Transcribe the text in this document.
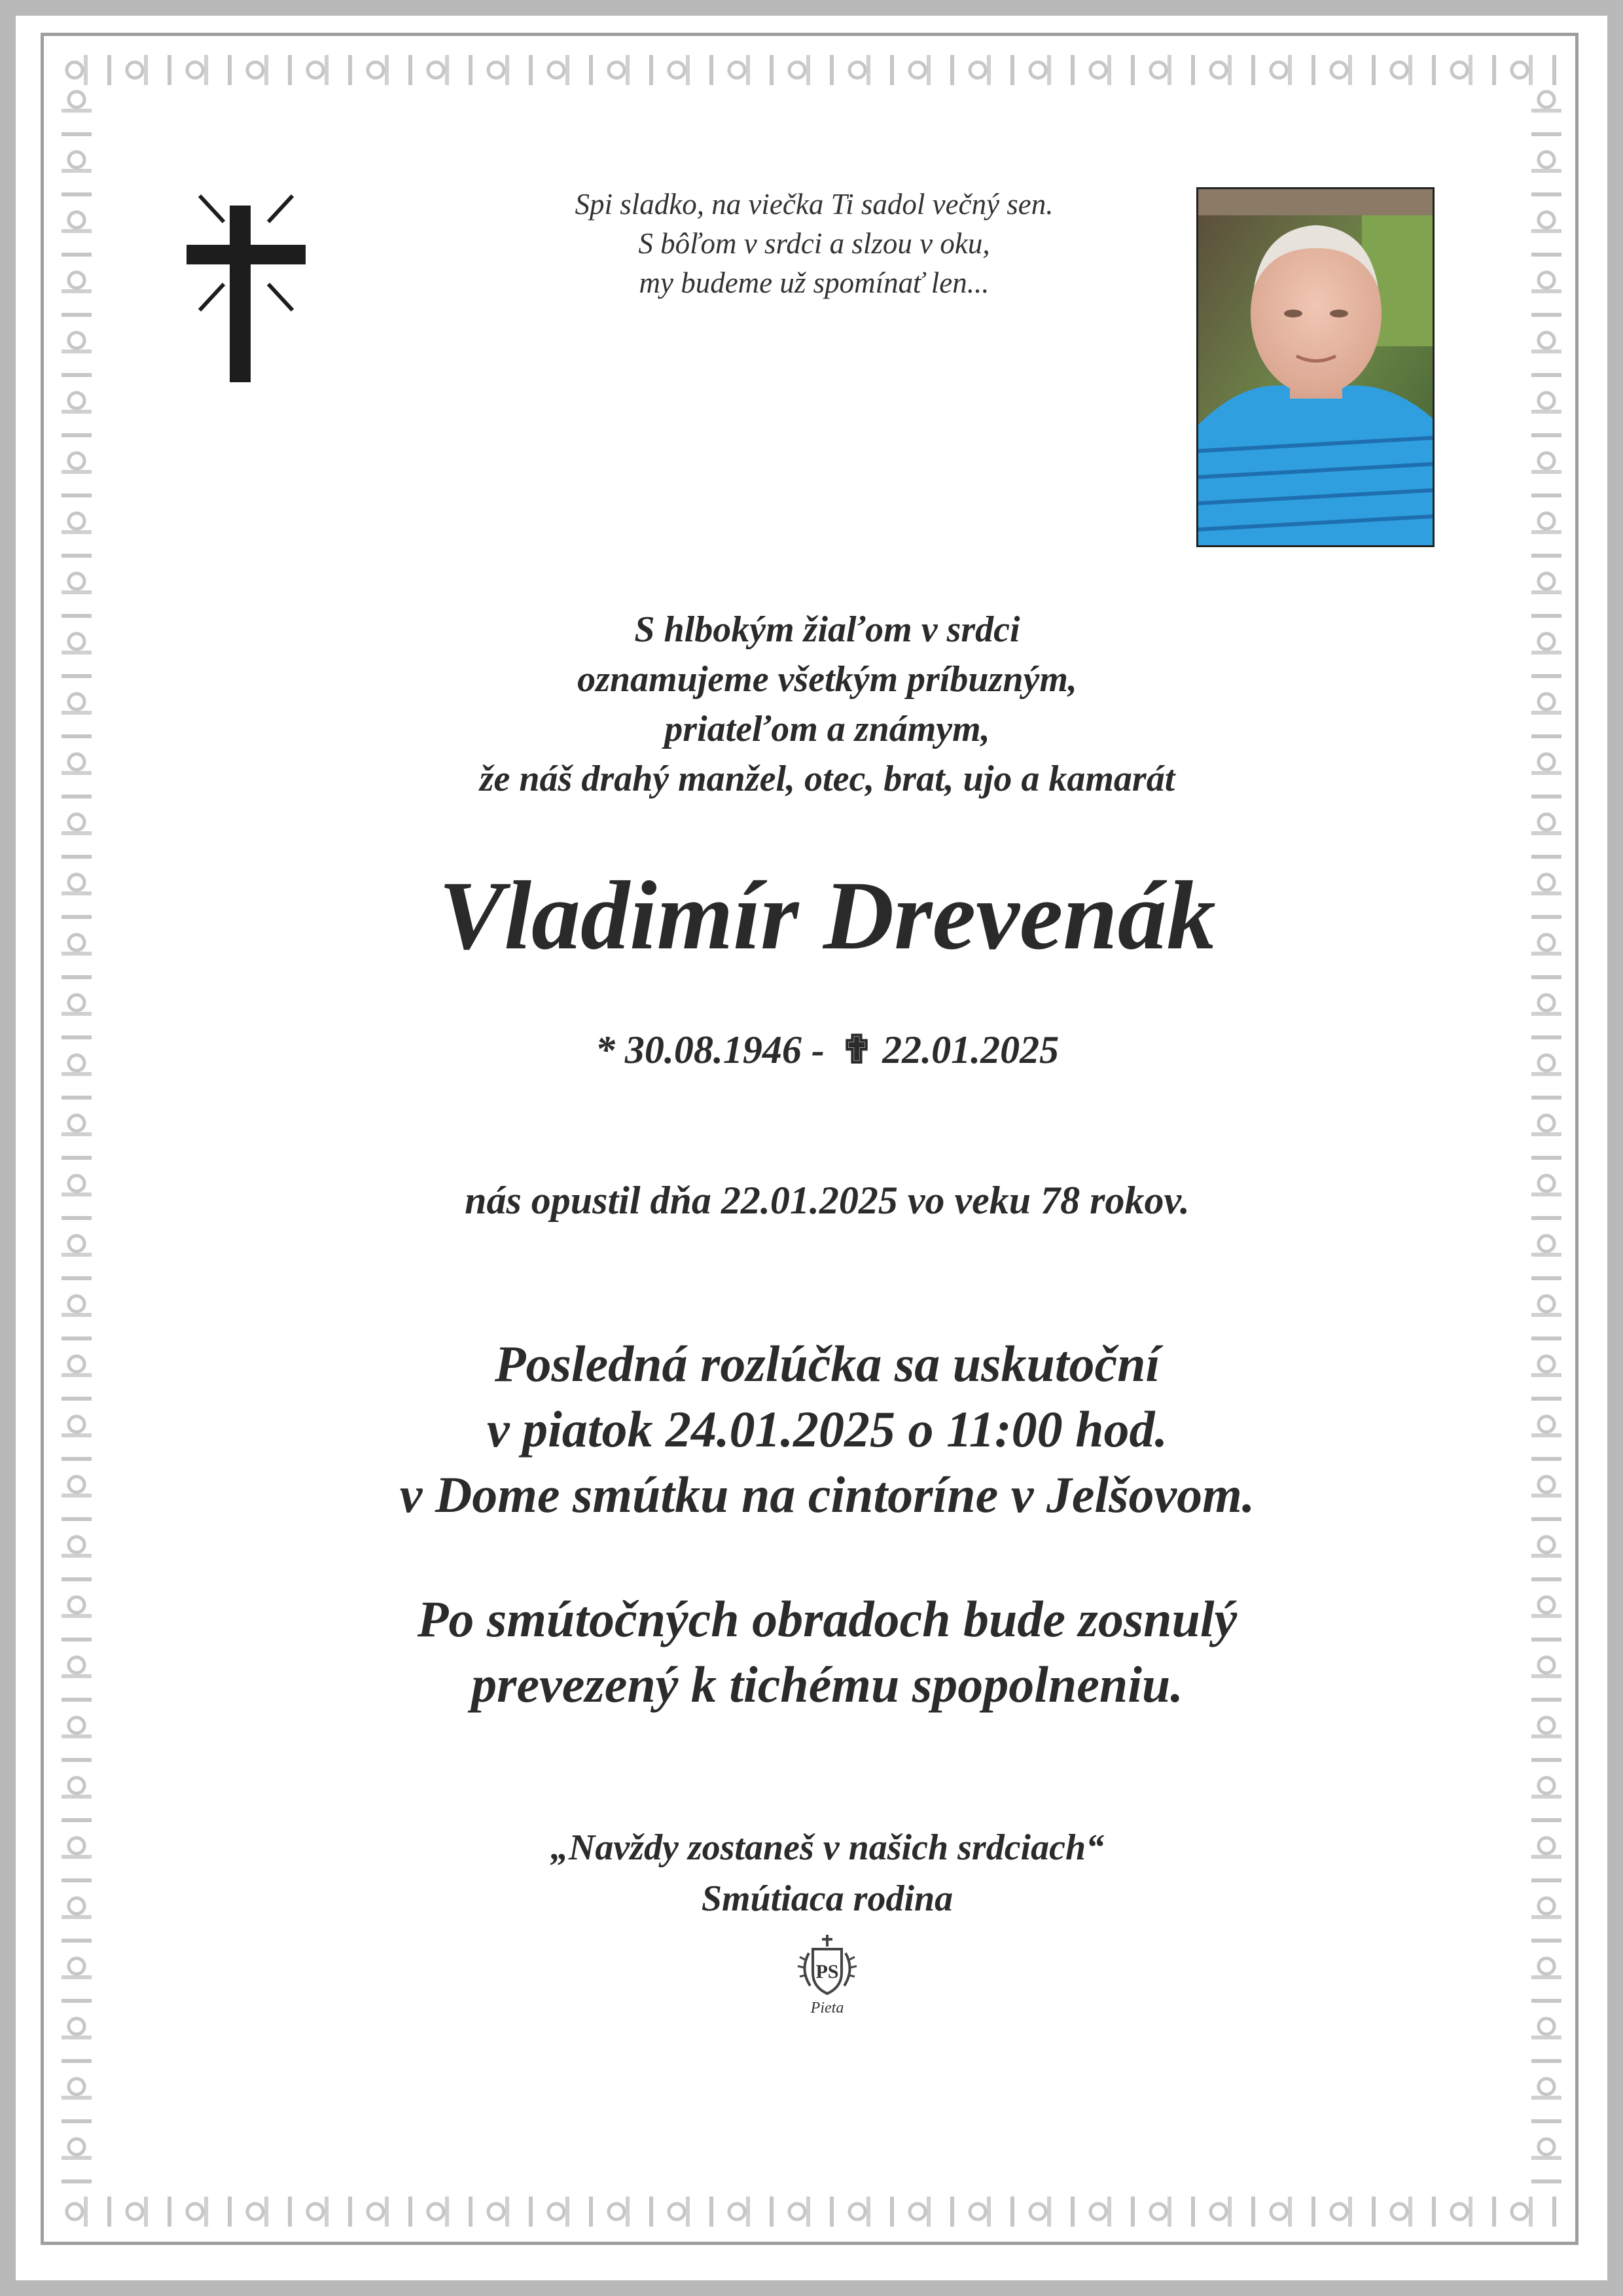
Spi sladko, na viečka Ti sadol večný sen.
S bôľom v srdci a slzou v oku,
my budeme už spomínať len...
S hlbokým žiaľom v srdci
oznamujeme všetkým príbuzným,
priateľom a známym,
že náš drahý manžel, otec, brat, ujo a kamarát
Vladimír Drevenák
* 30.08.1946 - ✟ 22.01.2025
nás opustil dňa 22.01.2025 vo veku 78 rokov.
Posledná rozlúčka sa uskutoční
v piatok 24.01.2025 o 11:00 hod.
v Dome smútku na cintoríne v Jelšovom.
Po smútočných obradoch bude zosnulý
prevezený k tichému spopolneniu.
„Navždy zostaneš v našich srdciach“
Smútiaca rodina
PS
Pieta
